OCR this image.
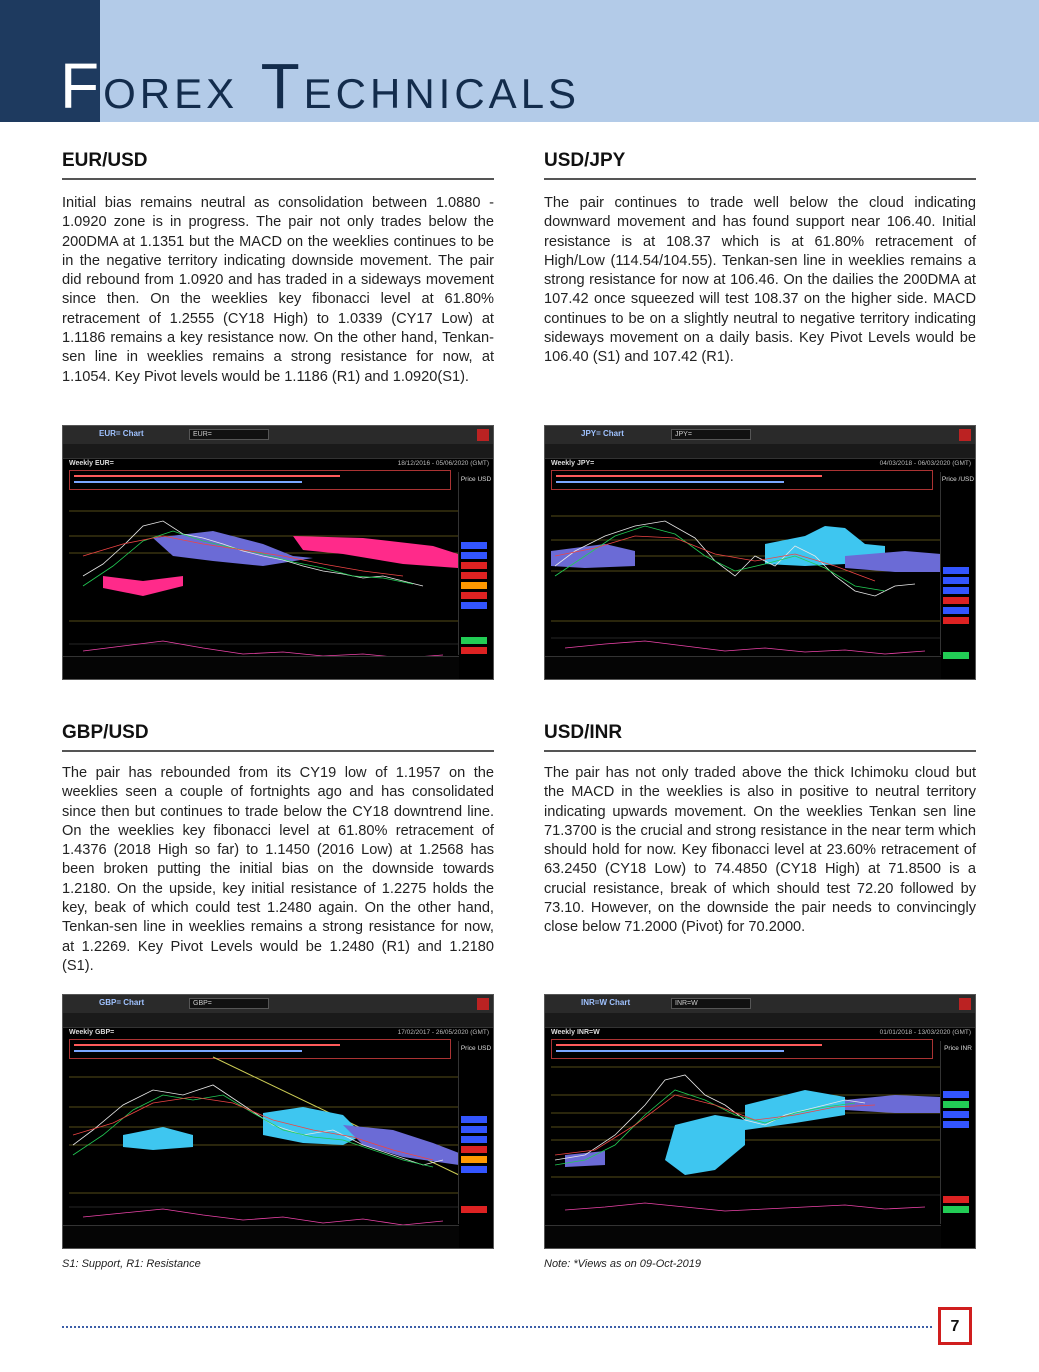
FOREX TECHNICALS
EUR/USD
Initial bias remains neutral as consolidation between 1.0880 - 1.0920 zone is in progress. The pair not only trades below the 200DMA at 1.1351 but the MACD on the weeklies continues to be in the negative territory indicating downside movement. The pair did rebound from 1.0920 and has traded in a sideways movement since then. On the weeklies key fibonacci level at 61.80% retracement of 1.2555 (CY18 High) to 1.0339 (CY17 Low) at 1.1186 remains a key resistance now. On the other hand, Tenkan-sen line in weeklies remains a strong resistance for now, at 1.1054. Key Pivot levels would be 1.1186 (R1) and 1.0920(S1).
USD/JPY
The pair continues to trade well below the cloud indicating downward movement and has found support near 106.40. Initial resistance is at 108.37 which is at 61.80% retracement of High/Low (114.54/104.55). Tenkan-sen line in weeklies remains a strong resistance for now at 106.46. On the dailies the 200DMA at 107.42 once squeezed will test 108.37 on the higher side. MACD continues to be on a slightly neutral to negative territory indicating sideways movement on a daily basis. Key Pivot Levels would be 106.40 (S1) and 107.42 (R1).
EUR= Chart	EUR=
Weekly EUR=	18/12/2016 - 05/06/2020 (GMT)
Price USD
JPY= Chart	JPY=
Weekly JPY=	04/03/2018 - 06/03/2020 (GMT)
Price /USD
GBP/USD
The pair has rebounded from its CY19 low of 1.1957 on the weeklies seen a couple of fortnights ago and has consolidated since then but continues to trade below the CY18 downtrend line. On the weeklies key fibonacci level at 61.80% retracement of 1.4376 (2018 High so far) to 1.1450 (2016 Low) at 1.2568 has been broken putting the initial bias on the downside towards 1.2180. On the upside, key initial resistance of 1.2275 holds the key, beak of which could test 1.2480 again. On the other hand, Tenkan-sen line in weeklies remains a strong resistance for now, at 1.2269. Key Pivot Levels would be 1.2480 (R1) and 1.2180 (S1).
USD/INR
The pair has not only traded above the thick Ichimoku cloud but the MACD in the weeklies is also in positive to neutral territory indicating upwards movement. On the weeklies Tenkan sen line 71.3700 is the crucial and strong resistance in the near term which should hold for now. Key fibonacci level at 23.60% retracement of 63.2450 (CY18 Low) to 74.4850 (CY18 High) at 71.8500 is a crucial resistance, break of which should test 72.20 followed by 73.10. However, on the downside the pair needs to convincingly close below 71.2000 (Pivot) for 70.2000.
GBP= Chart	GBP=
Weekly GBP=	17/02/2017 - 26/05/2020 (GMT)
Price USD
INR=W Chart	INR=W
Weekly INR=W	01/01/2018 - 13/03/2020 (GMT)
Price INR
S1: Support, R1: Resistance	Note: *Views as on 09-Oct-2019
7
